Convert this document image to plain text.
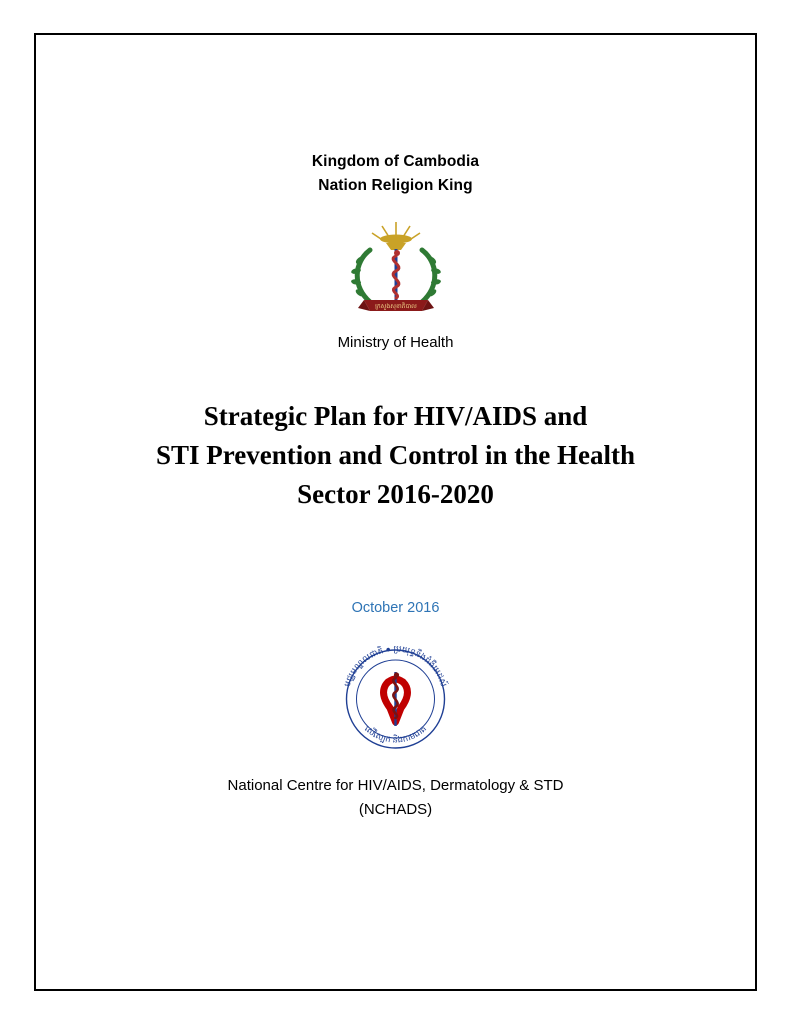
Kingdom of Cambodia
Nation Religion King
ក្រសួងសុខាភិបាល
Ministry of Health
Strategic Plan for HIV/AIDS and
STI Prevention and Control in the Health
Sector 2016-2020
October 2016
មជ្ឈមណ្ឌលជាតិ ● ប្រយុទ្ធនឹងជំងឺអេដស៍
សើស្បែក និងកាមរោគ
National Centre for HIV/AIDS, Dermatology & STD
(NCHADS)
